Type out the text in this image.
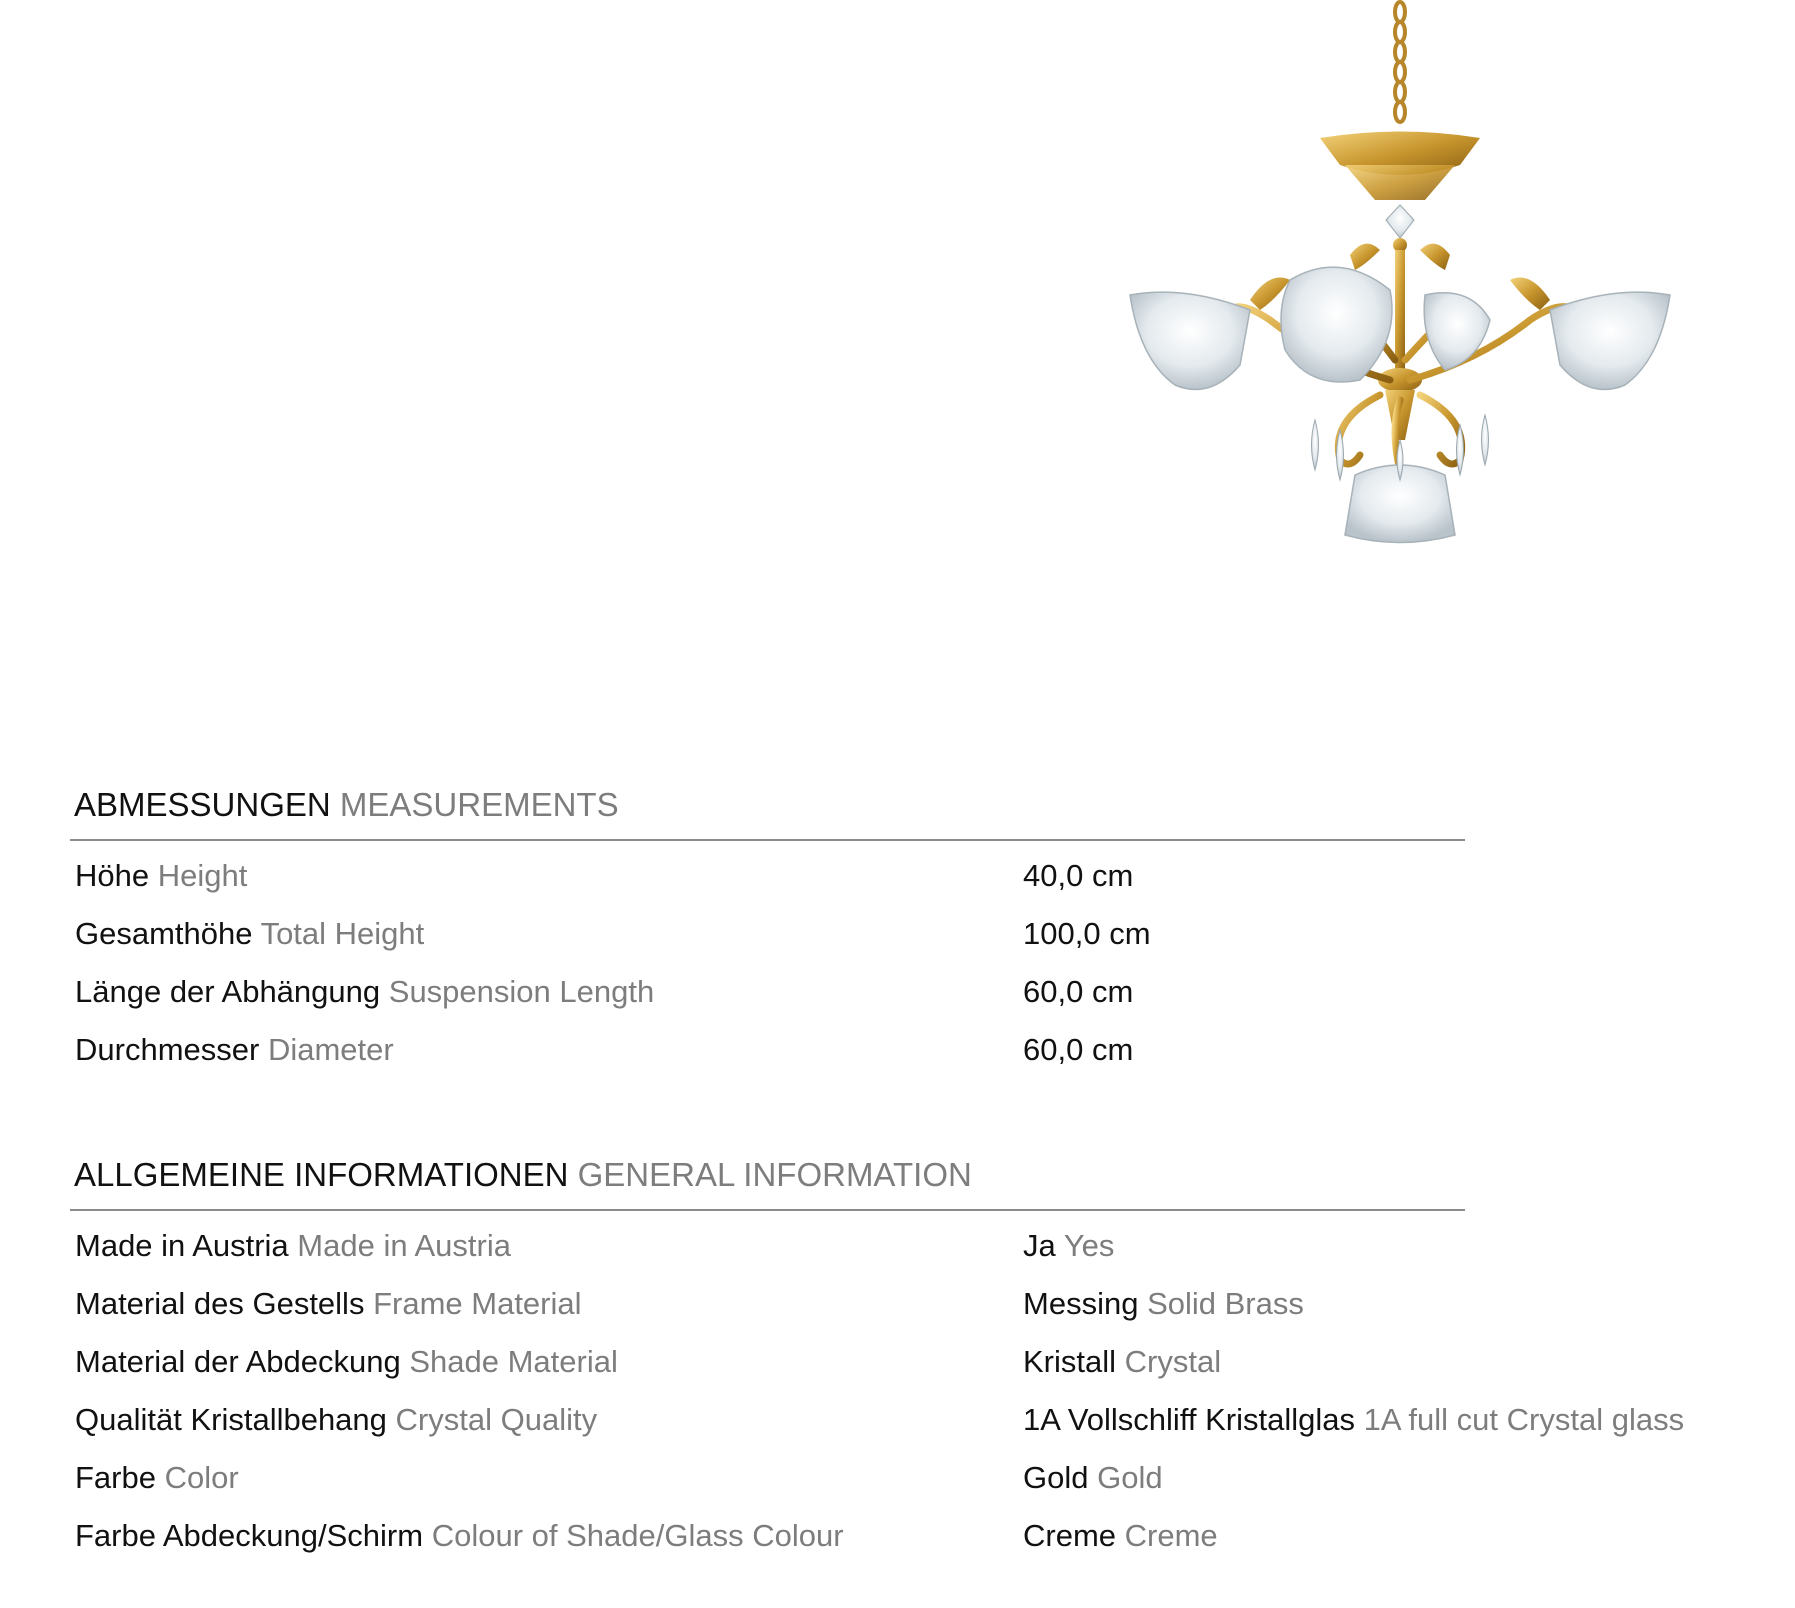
ABMESSUNGEN MEASUREMENTS
Höhe Height	40,0 cm
Gesamthöhe Total Height	100,0 cm
Länge der Abhängung Suspension Length	60,0 cm
Durchmesser Diameter	60,0 cm
ALLGEMEINE INFORMATIONEN GENERAL INFORMATION
Made in Austria Made in Austria	Ja Yes
Material des Gestells Frame Material	Messing Solid Brass
Material der Abdeckung Shade Material	Kristall Crystal
Qualität Kristallbehang Crystal Quality	1A Vollschliff Kristallglas 1A full cut Crystal glass
Farbe Color	Gold Gold
Farbe Abdeckung/Schirm Colour of Shade/Glass Colour	Creme Creme
